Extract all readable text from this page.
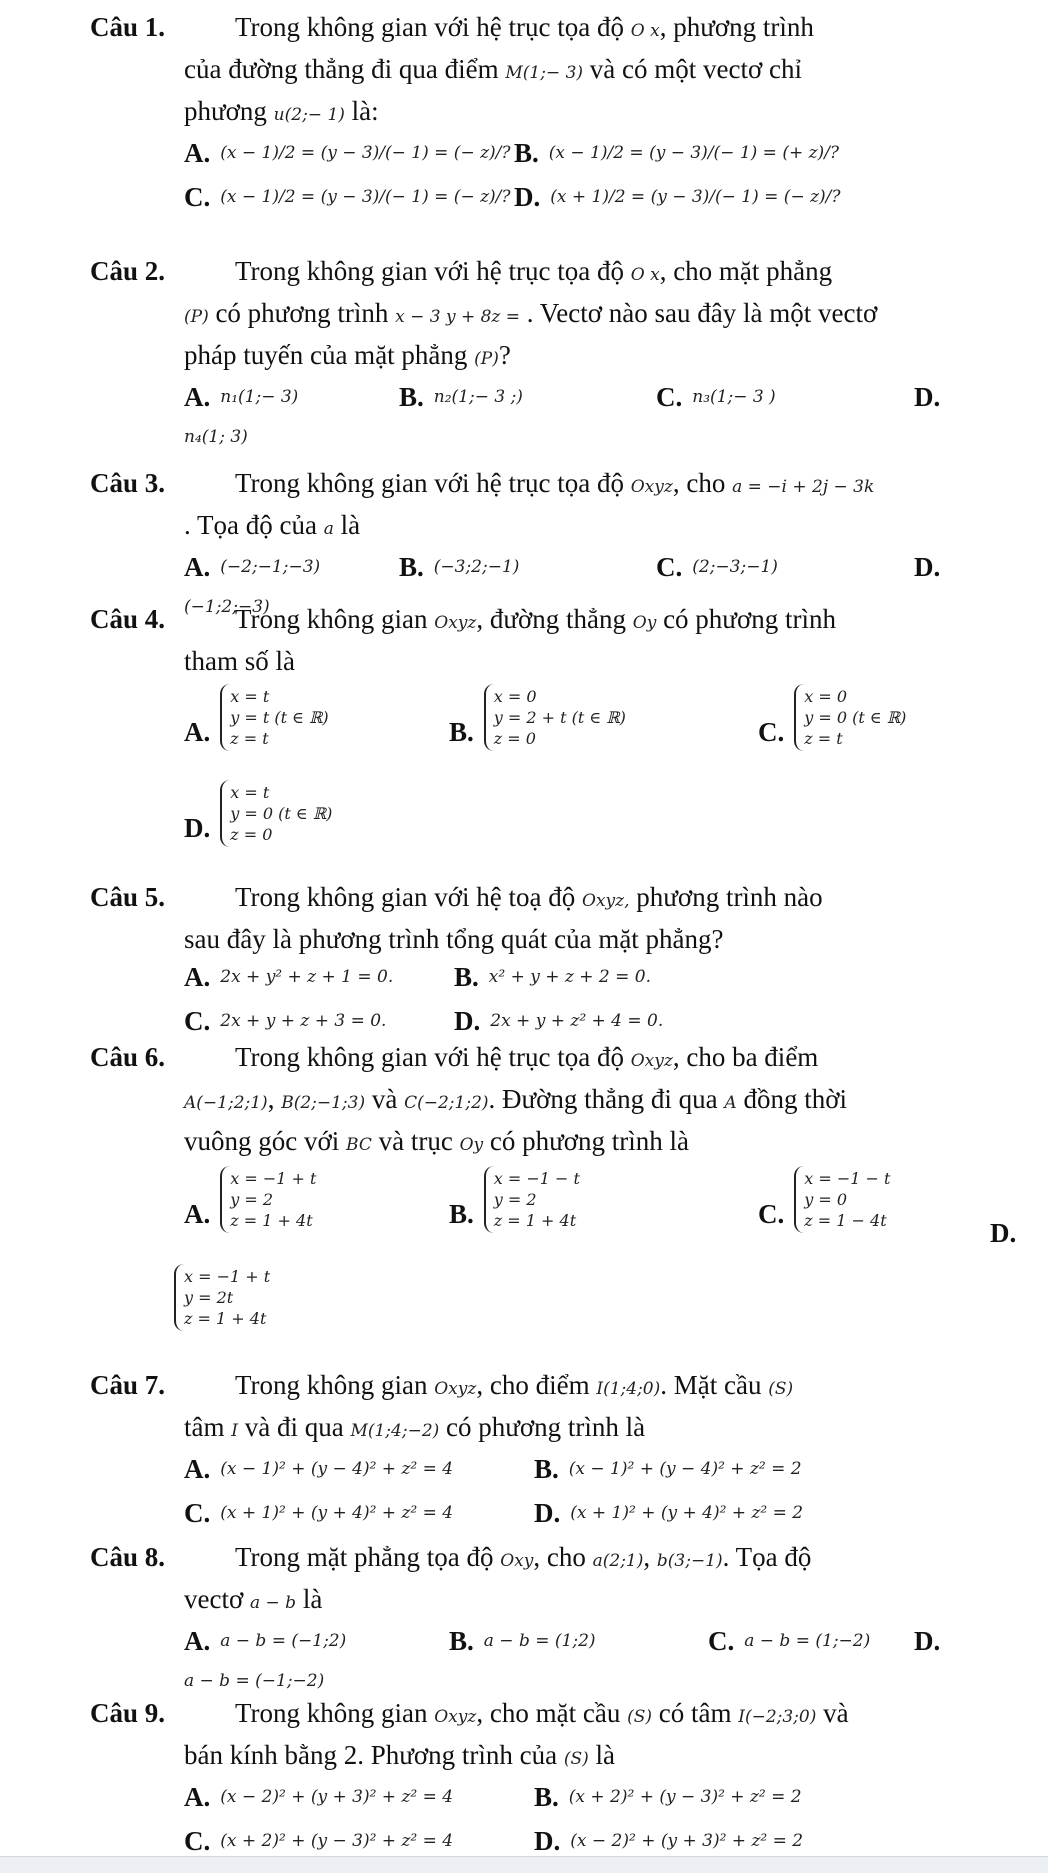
Câu 1.	Trong không gian với hệ trục tọa độ O x, phương trình
của đường thẳng đi qua điểm M(1;− 3) và có một vectơ chỉ
phương u(2;− 1) là:
A. (x − 1)/2 = (y − 3)/(− 1) = (− z)/? B. (x − 1)/2 = (y − 3)/(− 1) = (+ z)/?
C. (x − 1)/2 = (y − 3)/(− 1) = (− z)/? D. (x + 1)/2 = (y − 3)/(− 1) = (− z)/?
Câu 2.	Trong không gian với hệ trục tọa độ O x, cho mặt phẳng
(P) có phương trình x − 3 y + 8z = . Vectơ nào sau đây là một vectơ
pháp tuyến của mặt phẳng (P)?
A. n₁(1;− 3)	B. n₂(1;− 3 ;)	C. n₃(1;− 3 )	D.
n₄(1; 3)
Câu 3.	Trong không gian với hệ trục tọa độ Oxyz, cho a = −i + 2j − 3k
. Tọa độ của a là
A. (−2;−1;−3)	B. (−3;2;−1)	C. (2;−3;−1)	D.
(−1;2;−3)
Câu 4.	Trong không gian Oxyz, đường thẳng Oy có phương trình
tham số là
A.
x = t
y = t (t ∈ ℝ)
z = t	B.
x = 0
y = 2 + t (t ∈ ℝ)
z = 0	C.
x = 0
y = 0 (t ∈ ℝ)
z = t
D.
x = t
y = 0 (t ∈ ℝ)
z = 0
Câu 5.	Trong không gian với hệ toạ độ Oxyz, phương trình nào
sau đây là phương trình tổng quát của mặt phẳng?
A. 2x + y² + z + 1 = 0. B. x² + y + z + 2 = 0.
C. 2x + y + z + 3 = 0.	D. 2x + y + z² + 4 = 0.
Câu 6.	Trong không gian với hệ trục tọa độ Oxyz, cho ba điểm
A(−1;2;1), B(2;−1;3) và C(−2;1;2). Đường thẳng đi qua A đồng thời
vuông góc với BC và trục Oy có phương trình là
A.
x = −1 + t
y = 2
z = 1 + 4t	B.
x = −1 − t
y = 2
z = 1 + 4t	C.
x = −1 − t
y = 0
z = 1 − 4t	D.
x = −1 + t
y = 2t
z = 1 + 4t
Câu 7.	Trong không gian Oxyz, cho điểm I(1;4;0). Mặt cầu (S)
tâm I và đi qua M(1;4;−2) có phương trình là
A. (x − 1)² + (y − 4)² + z² = 4	B. (x − 1)² + (y − 4)² + z² = 2
C. (x + 1)² + (y + 4)² + z² = 4	D. (x + 1)² + (y + 4)² + z² = 2
Câu 8.	Trong mặt phẳng tọa độ Oxy, cho a(2;1), b(3;−1). Tọa độ
vectơ a − b là
A. a − b = (−1;2)	B. a − b = (1;2)	C. a − b = (1;−2) D.
a − b = (−1;−2)
Câu 9.	Trong không gian Oxyz, cho mặt cầu (S) có tâm I(−2;3;0) và
bán kính bằng 2. Phương trình của (S) là
A. (x − 2)² + (y + 3)² + z² = 4	B. (x + 2)² + (y − 3)² + z² = 2
C. (x + 2)² + (y − 3)² + z² = 4	D. (x − 2)² + (y + 3)² + z² = 2
